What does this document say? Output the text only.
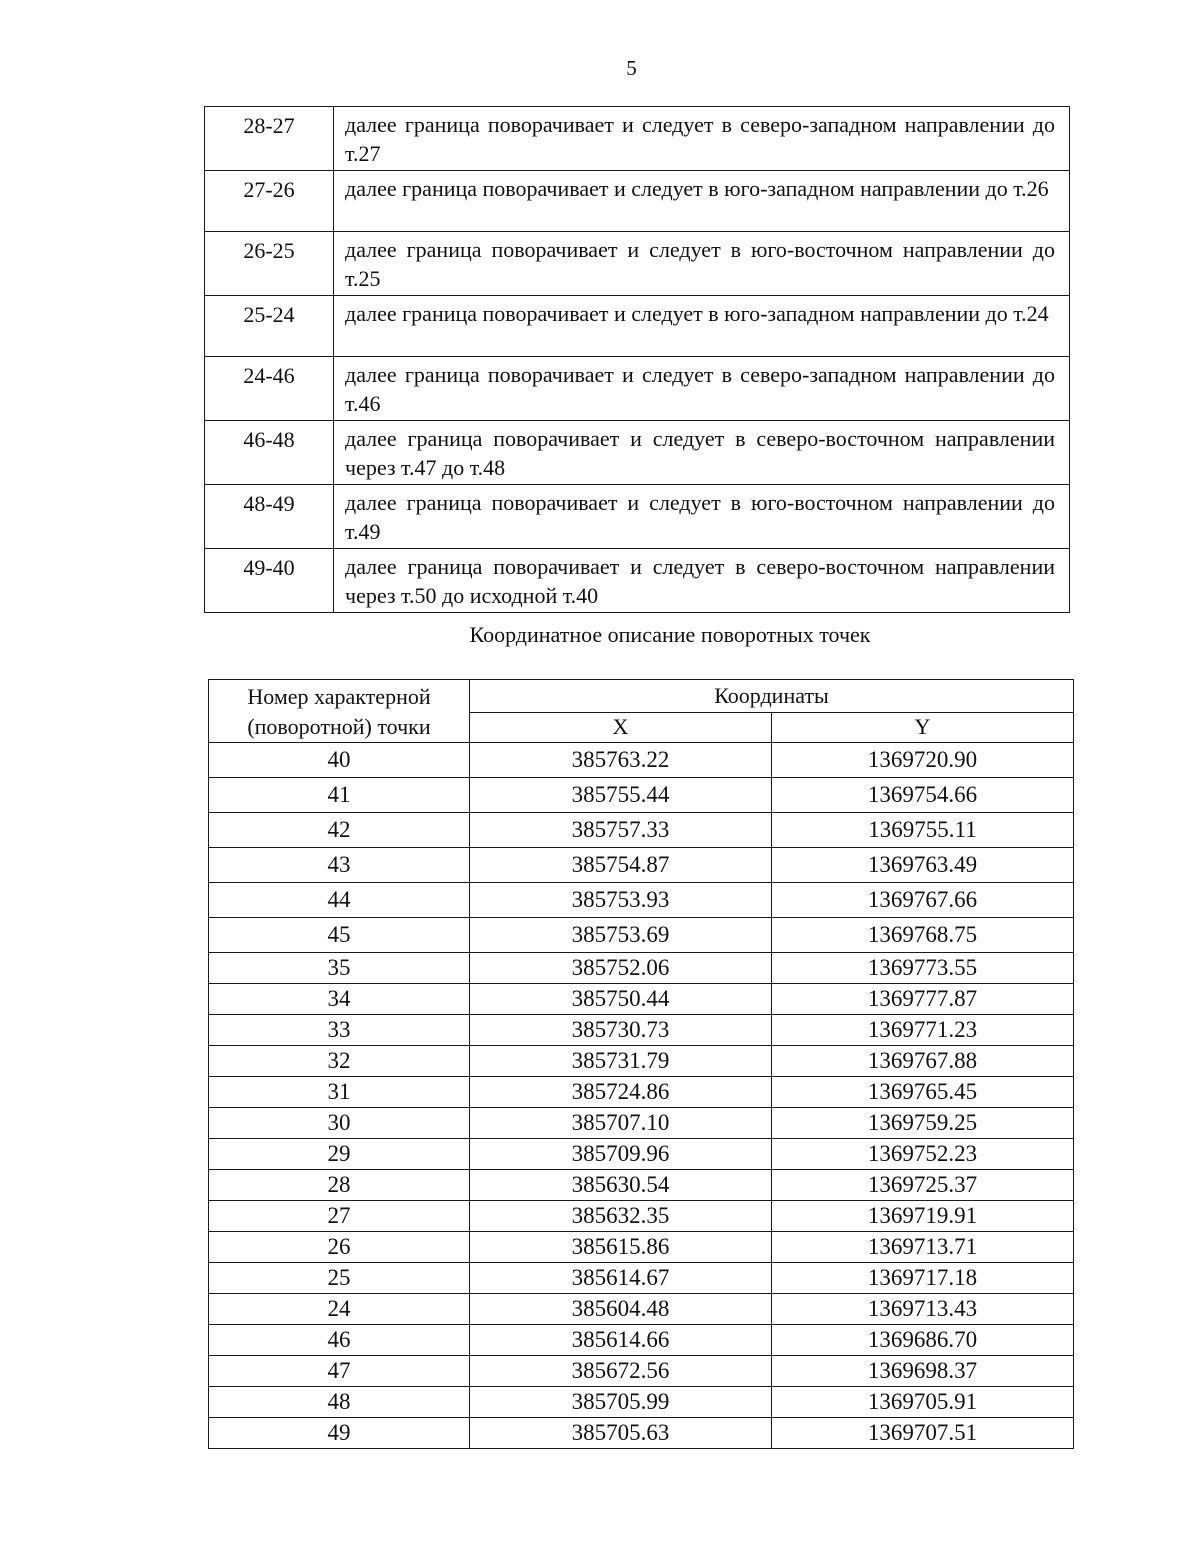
5
28-27	далее граница поворачивает и следует в северо-западном направлении до т.27
27-26	далее граница поворачивает и следует в юго-западном направлении до т.26
26-25	далее граница поворачивает и следует в юго-восточном направлении до т.25
25-24	далее граница поворачивает и следует в юго-западном направлении до т.24
24-46	далее граница поворачивает и следует в северо-западном направлении до т.46
46-48	далее граница поворачивает и следует в северо-восточном направлении через т.47 до т.48
48-49	далее граница поворачивает и следует в юго-восточном направлении до т.49
49-40	далее граница поворачивает и следует в северо-восточном направлении через т.50 до исходной т.40
Координатное описание поворотных точек
Номер характерной (поворотной) точки	Координаты	
	X	Y
40	385763.22	1369720.90
41	385755.44	1369754.66
42	385757.33	1369755.11
43	385754.87	1369763.49
44	385753.93	1369767.66
45	385753.69	1369768.75
35	385752.06	1369773.55
34	385750.44	1369777.87
33	385730.73	1369771.23
32	385731.79	1369767.88
31	385724.86	1369765.45
30	385707.10	1369759.25
29	385709.96	1369752.23
28	385630.54	1369725.37
27	385632.35	1369719.91
26	385615.86	1369713.71
25	385614.67	1369717.18
24	385604.48	1369713.43
46	385614.66	1369686.70
47	385672.56	1369698.37
48	385705.99	1369705.91
49	385705.63	1369707.51
